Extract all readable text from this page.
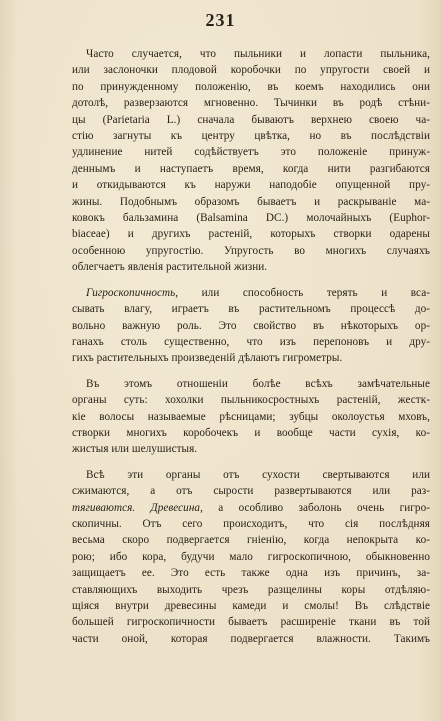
231
Часто случается, что пыльники и лопасти пыльника,
или заслоночки плодовой коробочки по упругости своей и
по принужденному положенію, въ коемъ находились они
дотолѣ, разверзаются мгновенно. Тычинки въ родѣ стѣни-
цы (Parietaria L.) сначала бываютъ верхнею своею ча-
стію загнуты къ центру цвѣтка, но въ послѣдствіи
удлинение нитей содѣйствуетъ это положеніе принуж-
деннымъ и наступаетъ время, когда нити разгибаются
и откидываются къ наружи наподобіе опущенной пру-
жины. Подобнымъ образомъ бываетъ и раскрываніе ма-
ковокъ бальзамина (Balsamina DC.) молочайныхъ (Euphor-
biaceae) и другихъ растеній, которыхъ створки одарены
особенною упругостію. Упругость во многихъ случаяхъ
облегчаетъ явленія растительной жизни.
Гигроскопичность, или способность терять и вса-
сывать влагу, играетъ въ растительномъ процессѣ до-
вольно важную роль. Это свойство въ нѣкоторыхъ ор-
ганахъ столь существенно, что изъ перепоновъ и дру-
гихъ растительныхъ произведеній дѣлаютъ гигрометры.
Въ этомъ отношеніи болѣе всѣхъ замѣчательные
органы суть: хохолки пыльникосростныхъ растеній, жестк-
кіе волосы называемые рѣсницами; зубцы околоустья мховъ,
створки многихъ коробочекъ и вообще части сухія, ко-
жистыя или шелушистыя.
Всѣ эти органы отъ сухости свертываются или
сжимаются, а отъ сырости развертываются или раз-
тягиваются. Древесина, а особливо заболонь очень гигро-
скопичны. Отъ сего происходитъ, что сія послѣдняя
весьма скоро подвергается гніенію, когда непокрыта ко-
рою; ибо кора, будучи мало гигроскопичною, обыкновенно
защищаетъ ее. Это есть также одна изъ причинъ, за-
ставляющихъ выходить чрезъ разщелины коры отдѣляю-
щіяся внутри древесины камеди и смолы! Въ слѣдствіе
большей гигроскопичности бываетъ расширеніе ткани въ той
части оной, которая подвергается влажности. Такимъ
